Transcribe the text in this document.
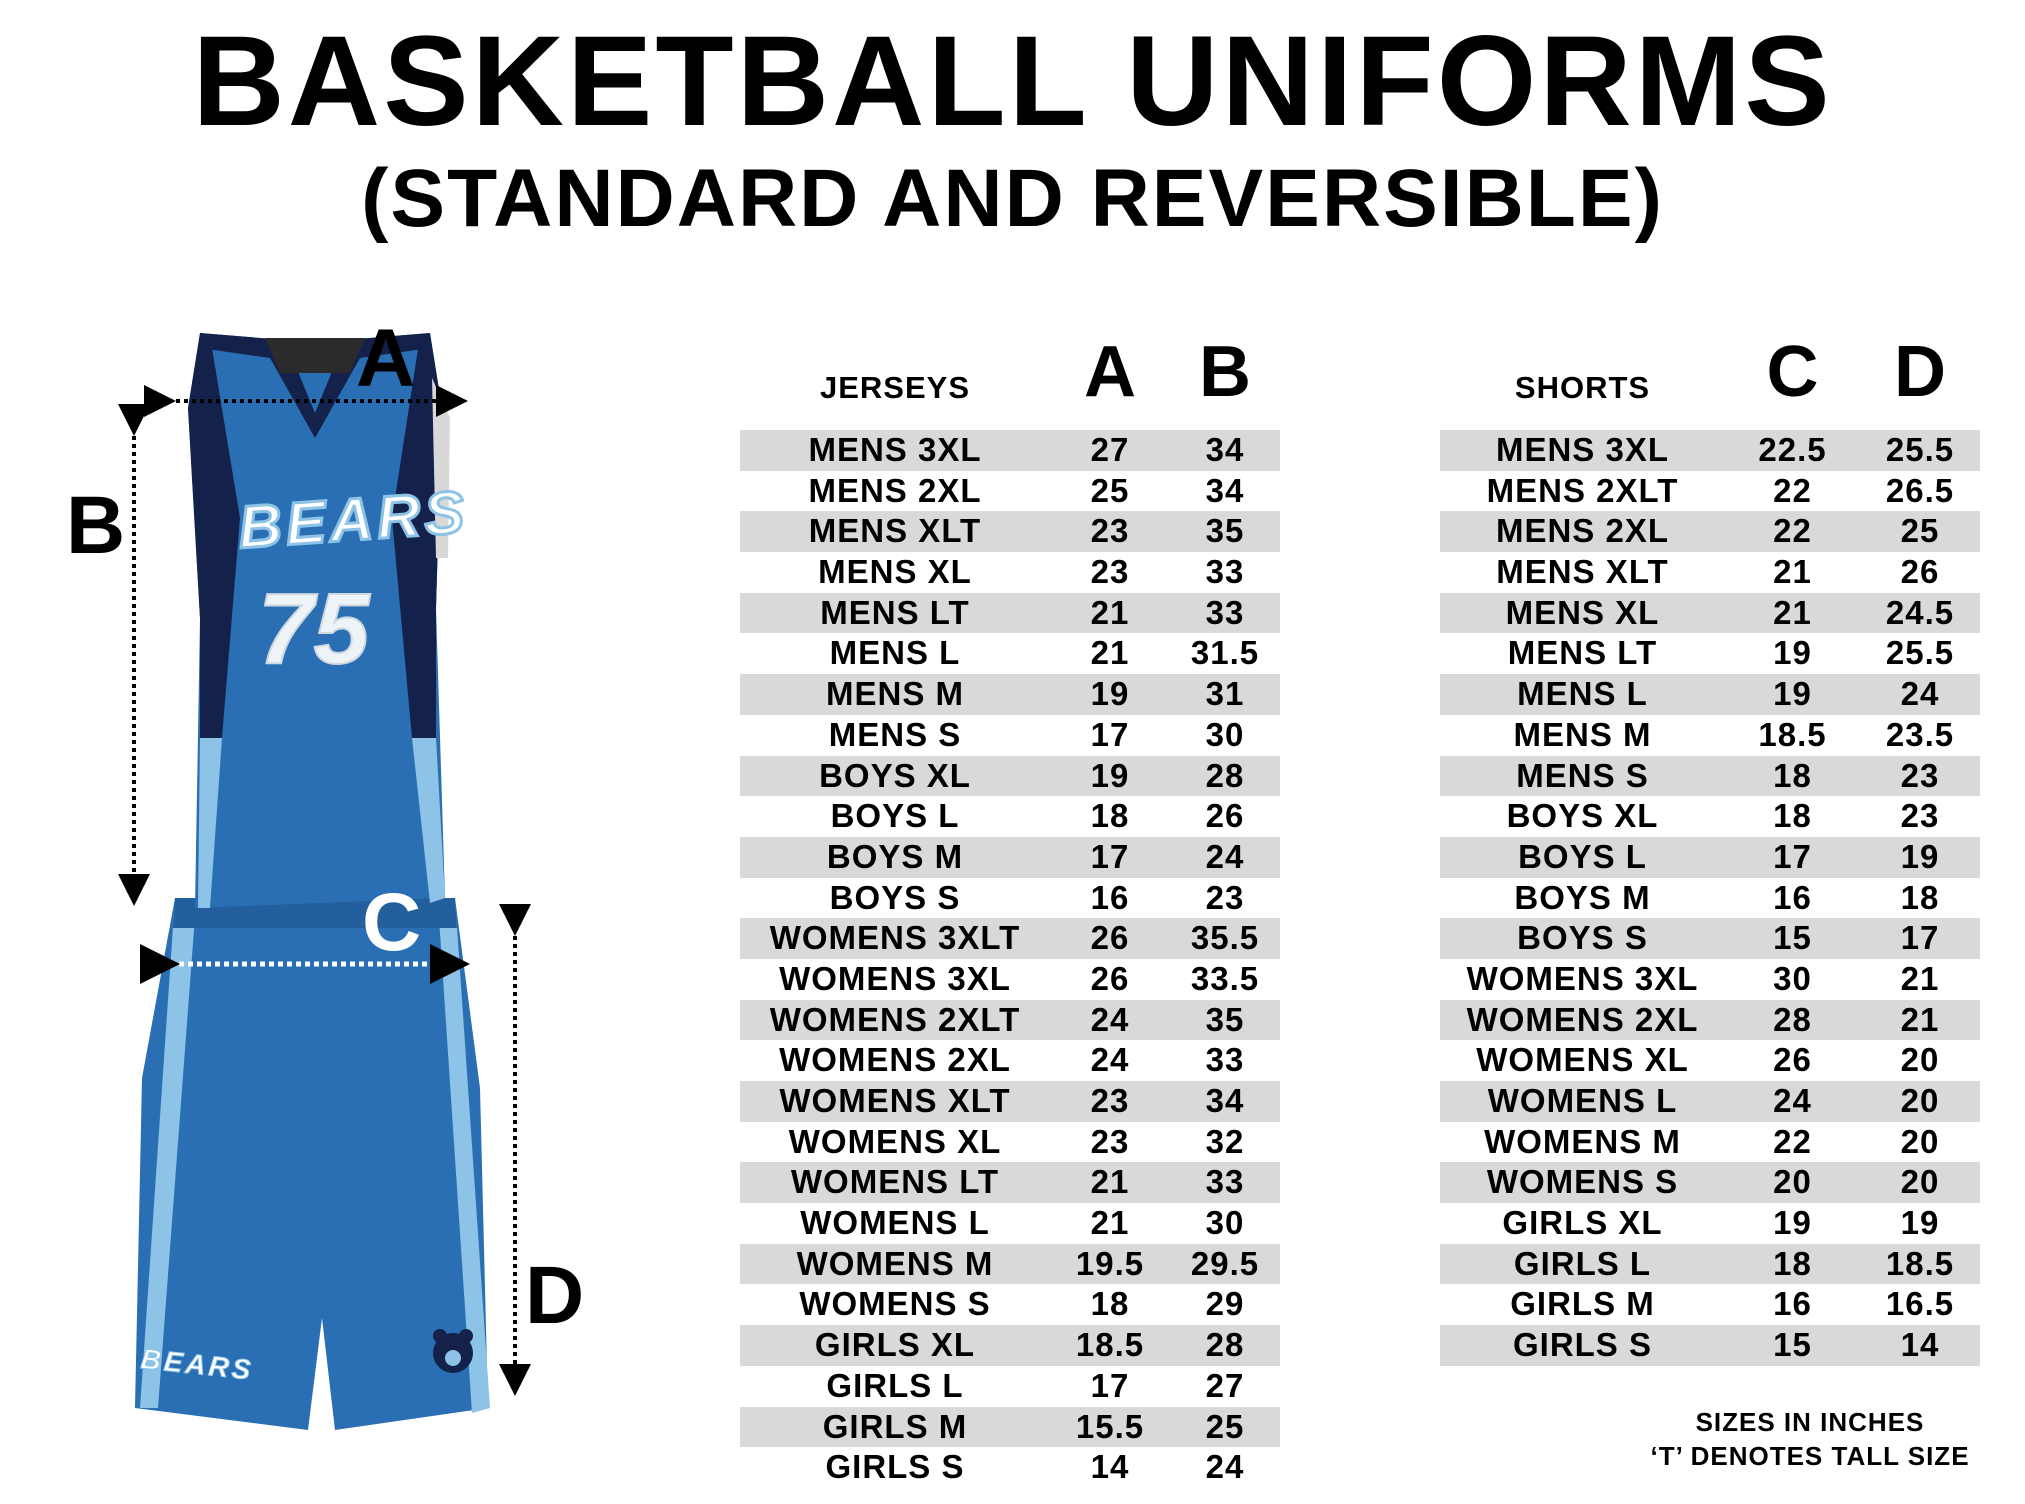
BASKETBALL UNIFORMS
(STANDARD AND REVERSIBLE)
BEARS
BEARS
75
A
B
C
D
JERSEYS	A B
MENS 3XL	27	34
MENS 2XL	25	34
MENS XLT	23	35
MENS XL	23	33
MENS LT	21	33
MENS L	21	31.5
MENS M	19	31
MENS S	17	30
BOYS XL	19	28
BOYS L	18	26
BOYS M	17	24
BOYS S	16	23
WOMENS 3XLT	26	35.5
WOMENS 3XL	26	33.5
WOMENS 2XLT	24	35
WOMENS 2XL	24	33
WOMENS XLT	23	34
WOMENS XL	23	32
WOMENS LT	21	33
WOMENS L	21	30
WOMENS M	19.5	29.5
WOMENS S	18	29
GIRLS XL	18.5	28
GIRLS L	17	27
GIRLS M	15.5	25
GIRLS S	14	24
SHORTS	C	D
MENS 3XL	22.5	25.5
MENS 2XLT	22	26.5
MENS 2XL	22	25
MENS XLT	21	26
MENS XL	21	24.5
MENS LT	19	25.5
MENS L	19	24
MENS M	18.5	23.5
MENS S	18	23
BOYS XL	18	23
BOYS L	17	19
BOYS M	16	18
BOYS S	15	17
WOMENS 3XL	30	21
WOMENS 2XL	28	21
WOMENS XL	26	20
WOMENS L	24	20
WOMENS M	22	20
WOMENS S	20	20
GIRLS XL	19	19
GIRLS L	18	18.5
GIRLS M	16	16.5
GIRLS S	15	14
SIZES IN INCHES
‘T’ DENOTES TALL SIZE
